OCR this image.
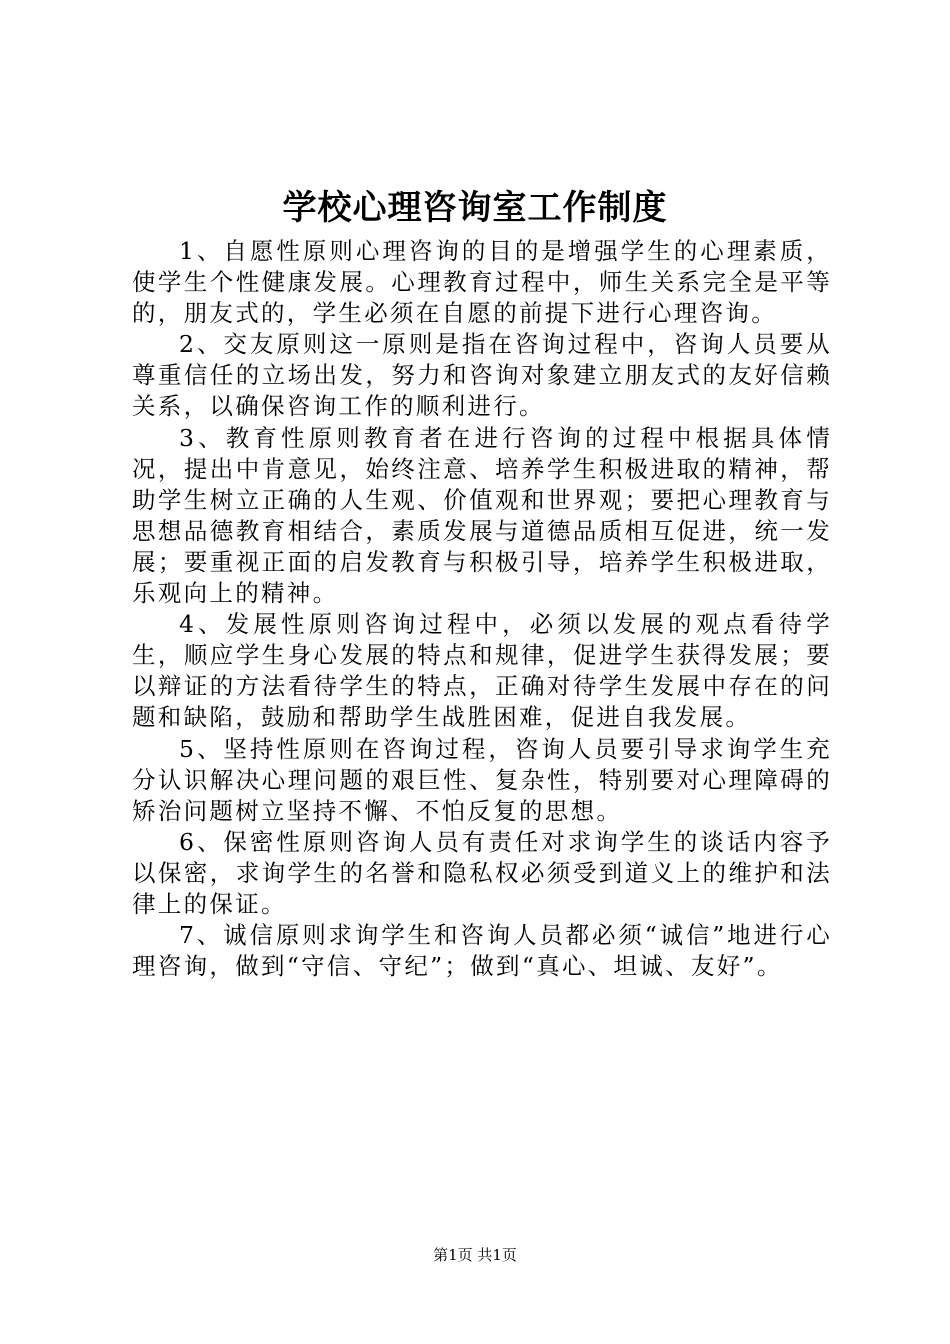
学校心理咨询室工作制度

1、自愿性原则心理咨询的目的是增强学生的心理素质，使学生个性健康发展。心理教育过程中，师生关系完全是平等的，朋友式的，学生必须在自愿的前提下进行心理咨询。

2、交友原则这一原则是指在咨询过程中，咨询人员要从尊重信任的立场出发，努力和咨询对象建立朋友式的友好信赖关系，以确保咨询工作的顺利进行。

3、教育性原则教育者在进行咨询的过程中根据具体情况，提出中肯意见，始终注意、培养学生积极进取的精神，帮助学生树立正确的人生观、价值观和世界观；要把心理教育与思想品德教育相结合，素质发展与道德品质相互促进，统一发展；要重视正面的启发教育与积极引导，培养学生积极进取，乐观向上的精神。

4、发展性原则咨询过程中，必须以发展的观点看待学生，顺应学生身心发展的特点和规律，促进学生获得发展；要以辩证的方法看待学生的特点，正确对待学生发展中存在的问题和缺陷，鼓励和帮助学生战胜困难，促进自我发展。

5、坚持性原则在咨询过程，咨询人员要引导求询学生充分认识解决心理问题的艰巨性、复杂性，特别要对心理障碍的矫治问题树立坚持不懈、不怕反复的思想。

6、保密性原则咨询人员有责任对求询学生的谈话内容予以保密，求询学生的名誉和隐私权必须受到道义上的维护和法律上的保证。

7、诚信原则求询学生和咨询人员都必须“诚信”地进行心理咨询，做到“守信、守纪”；做到“真心、坦诚、友好”。

第1页 共1页
